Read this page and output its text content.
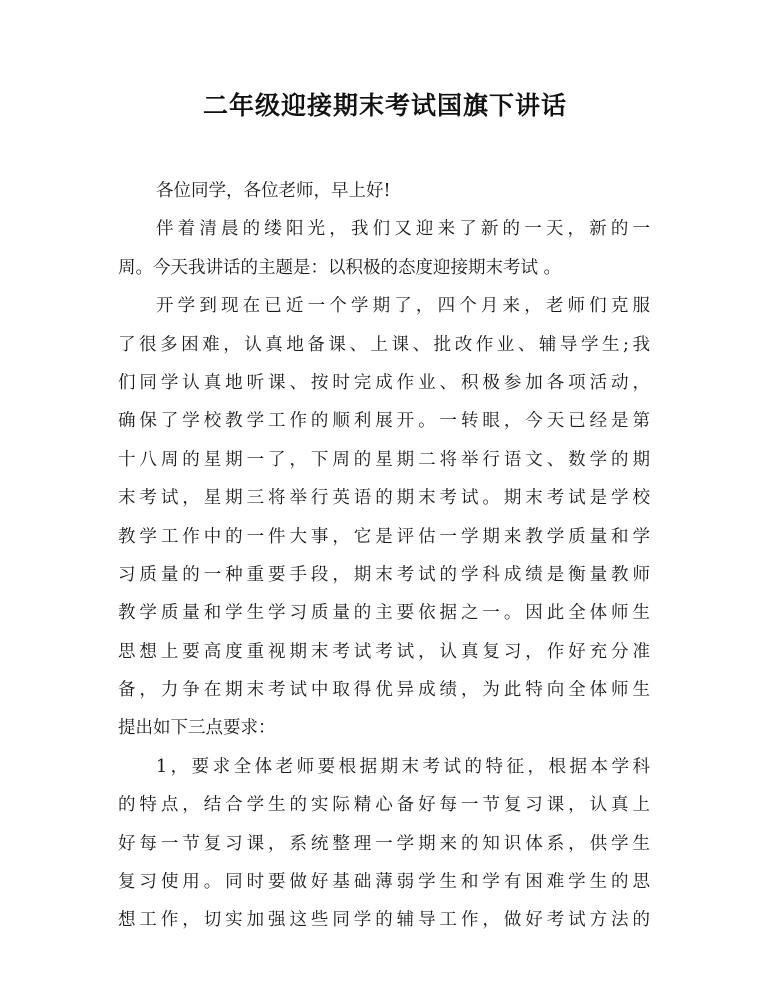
二年级迎接期末考试国旗下讲话
各位同学，各位老师，早上好!
伴着清晨的缕阳光，我们又迎来了新的一天，新的一
周。今天我讲话的主题是：以积极的态度迎接期末考试 。
开学到现在已近一个学期了，四个月来，老师们克服
了很多困难，认真地备课、上课、批改作业、辅导学生;我
们同学认真地听课、按时完成作业、积极参加各项活动，
确保了学校教学工作的顺利展开。一转眼，今天已经是第
十八周的星期一了，下周的星期二将举行语文、数学的期
末考试，星期三将举行英语的期末考试。期末考试是学校
教学工作中的一件大事，它是评估一学期来教学质量和学
习质量的一种重要手段，期末考试的学科成绩是衡量教师
教学质量和学生学习质量的主要依据之一。因此全体师生
思想上要高度重视期末考试考试，认真复习，作好充分准
备，力争在期末考试中取得优异成绩，为此特向全体师生
提出如下三点要求：
1，要求全体老师要根据期末考试的特征，根据本学科
的特点，结合学生的实际精心备好每一节复习课，认真上
好每一节复习课，系统整理一学期来的知识体系，供学生
复习使用。同时要做好基础薄弱学生和学有困难学生的思
想工作，切实加强这些同学的辅导工作，做好考试方法的
